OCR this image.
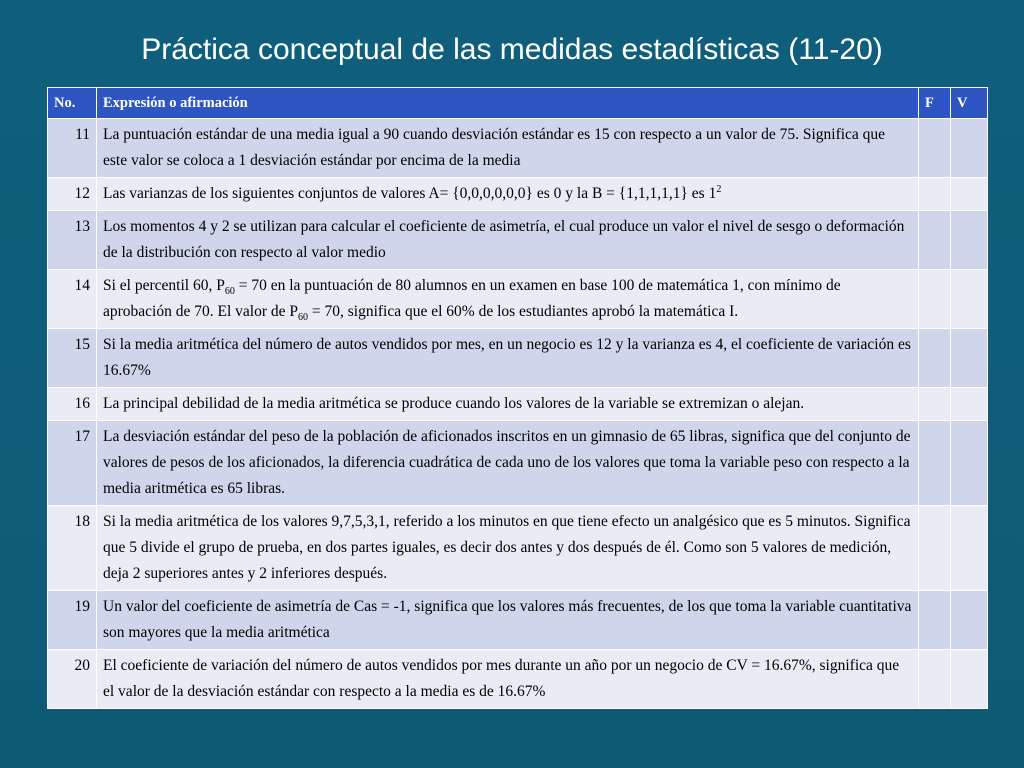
Práctica conceptual de las medidas estadísticas (11-20)
No.	Expresión o afirmación	F	V
11	La puntuación estándar de una media igual a 90 cuando desviación estándar es 15 con respecto a un valor de 75. Significa que este valor se coloca a 1 desviación estándar por encima de la media		
12	Las varianzas de los siguientes conjuntos de valores A= {0,0,0,0,0,0} es 0 y la B = {1,1,1,1,1} es $1^2$		
13	Los momentos 4 y 2 se utilizan para calcular el coeficiente de asimetría, el cual produce un valor el nivel de sesgo o deformación de la distribución con respecto al valor medio		
14	Si el percentil 60, $P_{60} = 70$ en la puntuación de 80 alumnos en un examen en base 100 de matemática 1, con mínimo de aprobación de 70. El valor de $P_{60} = 70$, significa que el 60% de los estudiantes aprobó la matemática I.		
15	Si la media aritmética del número de autos vendidos por mes, en un negocio es 12 y la varianza es 4, el coeficiente de variación es 16.67%		
16	La principal debilidad de la media aritmética se produce cuando los valores de la variable se extremizan o alejan.		
17	La desviación estándar del peso de la población de aficionados inscritos en un gimnasio de 65 libras, significa que del conjunto de valores de pesos de los aficionados, la diferencia cuadrática de cada uno de los valores que toma la variable peso con respecto a la media aritmética es 65 libras.		
18	Si la media aritmética de los valores 9,7,5,3,1, referido a los minutos en que tiene efecto un analgésico que es 5 minutos. Significa que 5 divide el grupo de prueba, en dos partes iguales, es decir dos antes y dos después de él. Como son 5 valores de medición, deja 2 superiores antes y 2 inferiores después.		
19	Un valor del coeficiente de asimetría de Cas = -1, significa que los valores más frecuentes, de los que toma la variable cuantitativa son mayores que la media aritmética		
20	El coeficiente de variación del número de autos vendidos por mes durante un año por un negocio de CV = 16.67%, significa que el valor de la desviación estándar con respecto a la media es de 16.67%		
